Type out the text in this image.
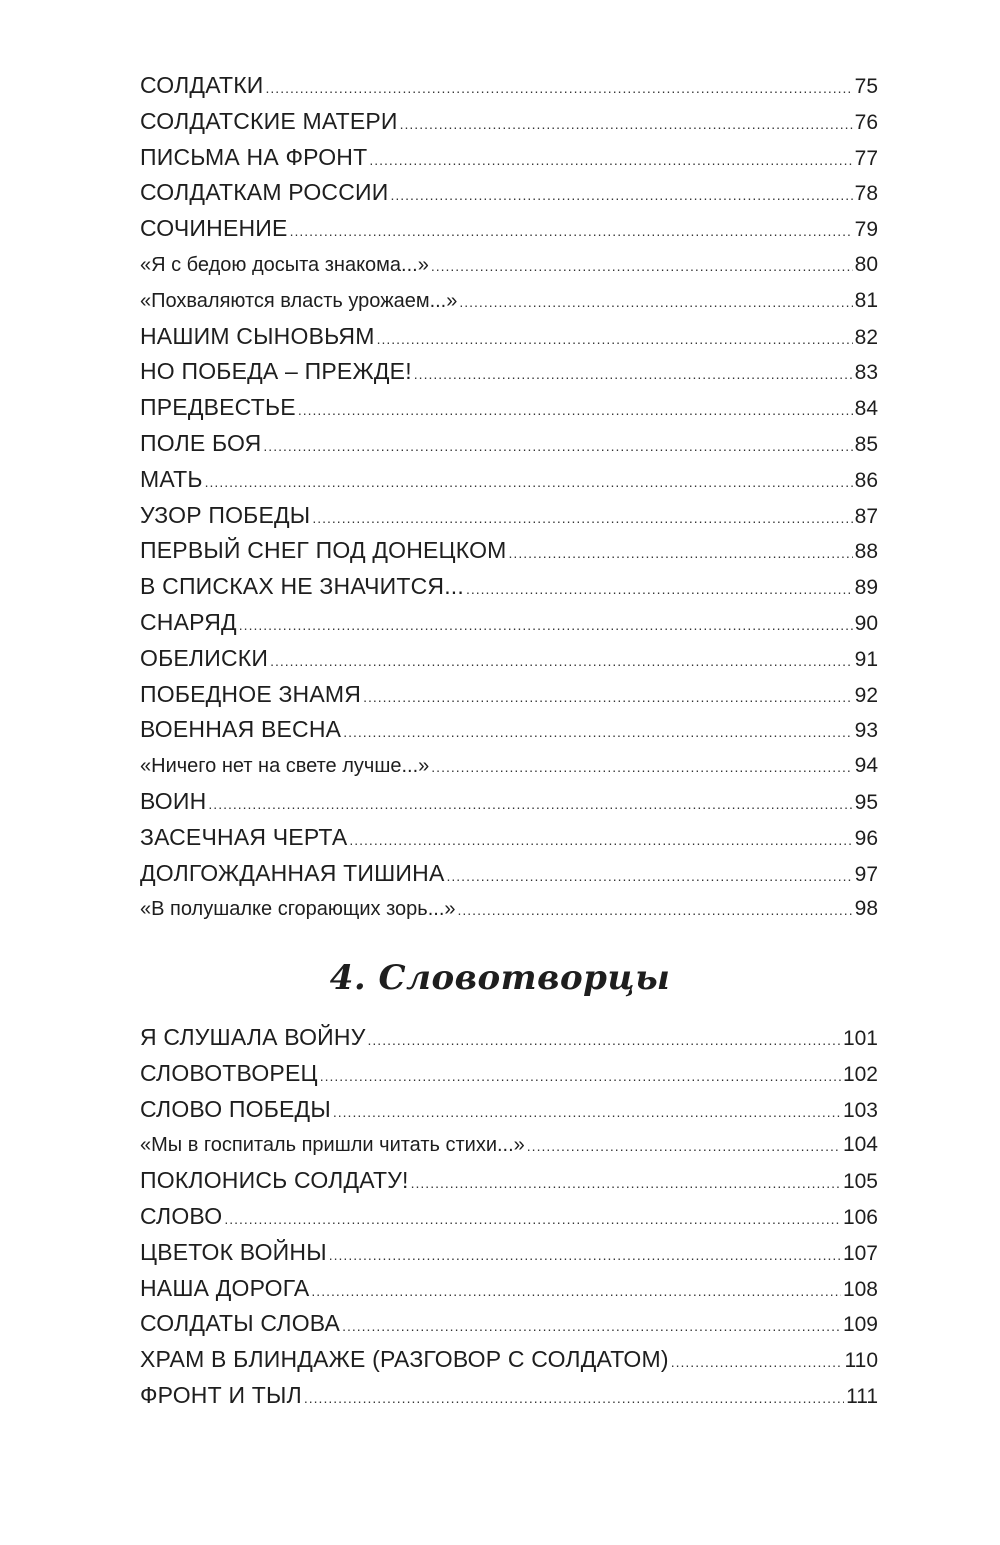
СОЛДАТКИ .....	75
СОЛДАТСКИЕ МАТЕРИ .....	76
ПИСЬМА НА ФРОНТ .....	77
СОЛДАТКАМ РОССИИ .....	78
СОЧИНЕНИЕ .....	79
«Я с бедою досыта знакома...» .....	80
«Похваляются власть урожаем...» .....	81
НАШИМ СЫНОВЬЯМ .....	82
НО ПОБЕДА – ПРЕЖДЕ! .....	83
ПРЕДВЕСТЬЕ .....	84
ПОЛЕ БОЯ .....	85
МАТЬ .....	86
УЗОР ПОБЕДЫ .....	87
ПЕРВЫЙ СНЕГ ПОД ДОНЕЦКОМ .....	88
В СПИСКАХ НЕ ЗНАЧИТСЯ... .....	89
СНАРЯД .....	90
ОБЕЛИСКИ .....	91
ПОБЕДНОЕ ЗНАМЯ .....	92
ВОЕННАЯ ВЕСНА .....	93
«Ничего нет на свете лучше...» .....	94
ВОИН .....	95
ЗАСЕЧНАЯ ЧЕРТА .....	96
ДОЛГОЖДАННАЯ ТИШИНА .....	97
«В полушалке сгорающих зорь...» .....	98
4. Словотворцы
Я СЛУШАЛА ВОЙНУ .....	101
СЛОВОТВОРЕЦ .....	102
СЛОВО ПОБЕДЫ .....	103
«Мы в госпиталь пришли читать стихи...» .....	104
ПОКЛОНИСЬ СОЛДАТУ! .....	105
СЛОВО .....	106
ЦВЕТОК ВОЙНЫ .....	107
НАША ДОРОГА .....	108
СОЛДАТЫ СЛОВА .....	109
ХРАМ В БЛИНДАЖЕ (РАЗГОВОР С СОЛДАТОМ) .....	110
ФРОНТ И ТЫЛ .....	111
